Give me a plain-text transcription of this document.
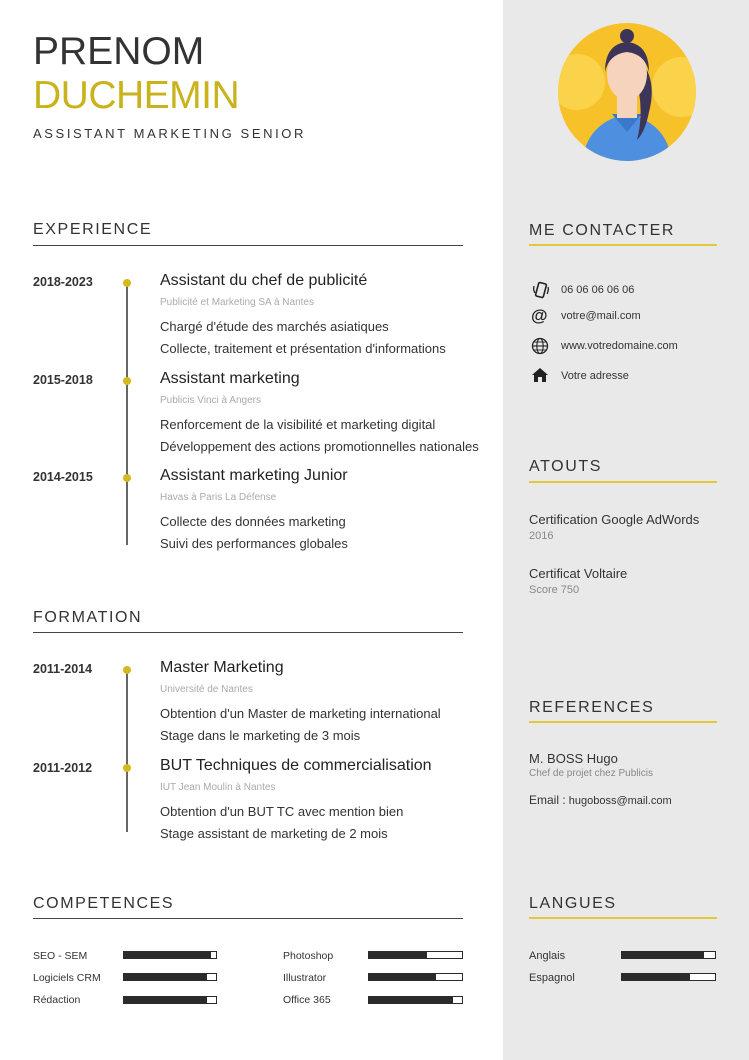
PRENOM
DUCHEMIN
ASSISTANT MARKETING SENIOR
EXPERIENCE
2018-2023	Assistant du chef de publicité
Publicité et Marketing SA à Nantes
Chargé d'étude des marchés asiatiques
Collecte, traitement et présentation d'informations
2015-2018	Assistant marketing
Publicis Vinci à Angers
Renforcement de la visibilité et marketing digital
Développement des actions promotionnelles nationales
2014-2015	Assistant marketing Junior
Havas à Paris La Défense
Collecte des données marketing
Suivi des performances globales
FORMATION
2011-2014	Master Marketing
Université de Nantes
Obtention d'un Master de marketing international
Stage dans le marketing de 3 mois
2011-2012	BUT Techniques de commercialisation
IUT Jean Moulin à Nantes
Obtention d'un BUT TC avec mention bien
Stage assistant de marketing de 2 mois
COMPETENCES
SEO - SEM
Logiciels CRM
Rédaction
Photoshop
Illustrator
Office 365
ME CONTACTER
06 06 06 06 06
@ votre@mail.com
www.votredomaine.com
Votre adresse
ATOUTS
Certification Google AdWords
2016
Certificat Voltaire
Score 750
REFERENCES
M. BOSS Hugo
Chef de projet chez Publicis
Email : hugoboss@mail.com
LANGUES
Anglais
Espagnol
